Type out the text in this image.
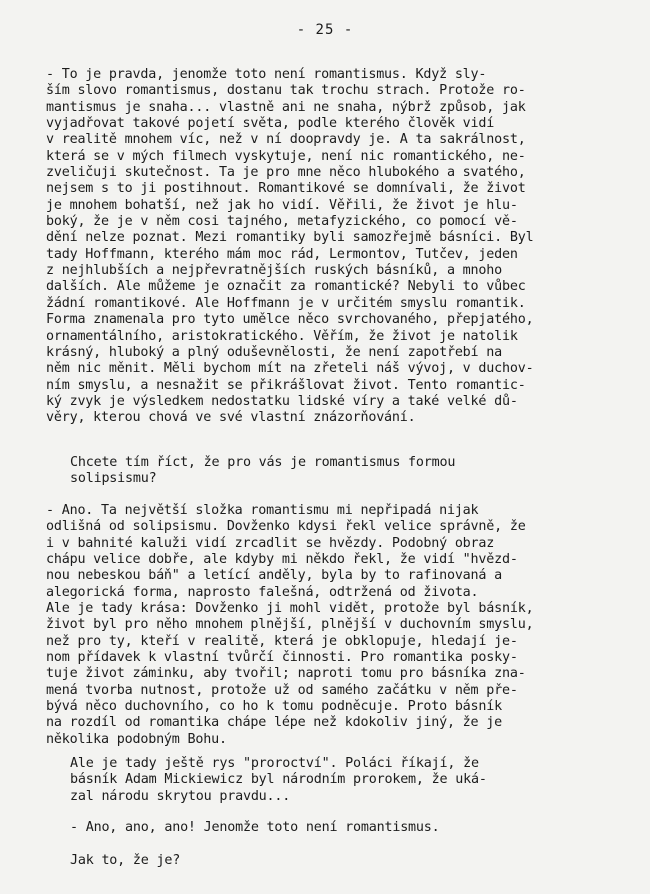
- 25 -
- To je pravda, jenomže toto není romantismus. Když sly-
ším slovo romantismus, dostanu tak trochu strach. Protože ro-
mantismus je snaha... vlastně ani ne snaha, nýbrž způsob, jak
vyjadřovat takové pojetí světa, podle kterého člověk vidí
v realitě mnohem víc, než v ní doopravdy je. A ta sakrálnost,
která se v mých filmech vyskytuje, není nic romantického, ne-
zveličuji skutečnost. Ta je pro mne něco hlubokého a svatého,
nejsem s to ji postihnout. Romantikové se domnívali, že život
je mnohem bohatší, než jak ho vidí. Věřili, že život je hlu-
boký, že je v něm cosi tajného, metafyzického, co pomocí vě-
dění nelze poznat. Mezi romantiky byli samozřejmě básníci. Byl
tady Hoffmann, kterého mám moc rád, Lermontov, Tutčev, jeden
z nejhlubších a nejpřevratnějších ruských básníků, a mnoho
dalších. Ale můžeme je označit za romantické? Nebyli to vůbec
žádní romantikové. Ale Hoffmann je v určitém smyslu romantik.
Forma znamenala pro tyto umělce něco svrchovaného, přepjatého,
ornamentálního, aristokratického. Věřím, že život je natolik
krásný, hluboký a plný oduševnělosti, že není zapotřebí na
něm nic měnit. Měli bychom mít na zřeteli náš vývoj, v duchov-
ním smyslu, a nesnažit se přikrášlovat život. Tento romantic-
ký zvyk je výsledkem nedostatku lidské víry a také velké dů-
věry, kterou chová ve své vlastní znázorňování.
Chcete tím říct, že pro vás je romantismus formou
solipsismu?
- Ano. Ta největší složka romantismu mi nepřipadá nijak
odlišná od solipsismu. Dovženko kdysi řekl velice správně, že
i v bahnité kaluži vidí zrcadlit se hvězdy. Podobný obraz
chápu velice dobře, ale kdyby mi někdo řekl, že vidí "hvězd-
nou nebeskou báň" a letící anděly, byla by to rafinovaná a
alegorická forma, naprosto falešná, odtržená od života.
Ale je tady krása: Dovženko ji mohl vidět, protože byl básník,
život byl pro něho mnohem plnější, plnější v duchovním smyslu,
než pro ty, kteří v realitě, která je obklopuje, hledají je-
nom přídavek k vlastní tvůrčí činnosti. Pro romantika posky-
tuje život záminku, aby tvořil; naproti tomu pro básníka zna-
mená tvorba nutnost, protože už od samého začátku v něm pře-
bývá něco duchovního, co ho k tomu podněcuje. Proto básník
na rozdíl od romantika chápe lépe než kdokoliv jiný, že je
několika podobným Bohu.
Ale je tady ještě rys "proroctví". Poláci říkají, že
básník Adam Mickiewicz byl národním prorokem, že uká-
zal národu skrytou pravdu...
- Ano, ano, ano! Jenomže toto není romantismus.
Jak to, že je?
